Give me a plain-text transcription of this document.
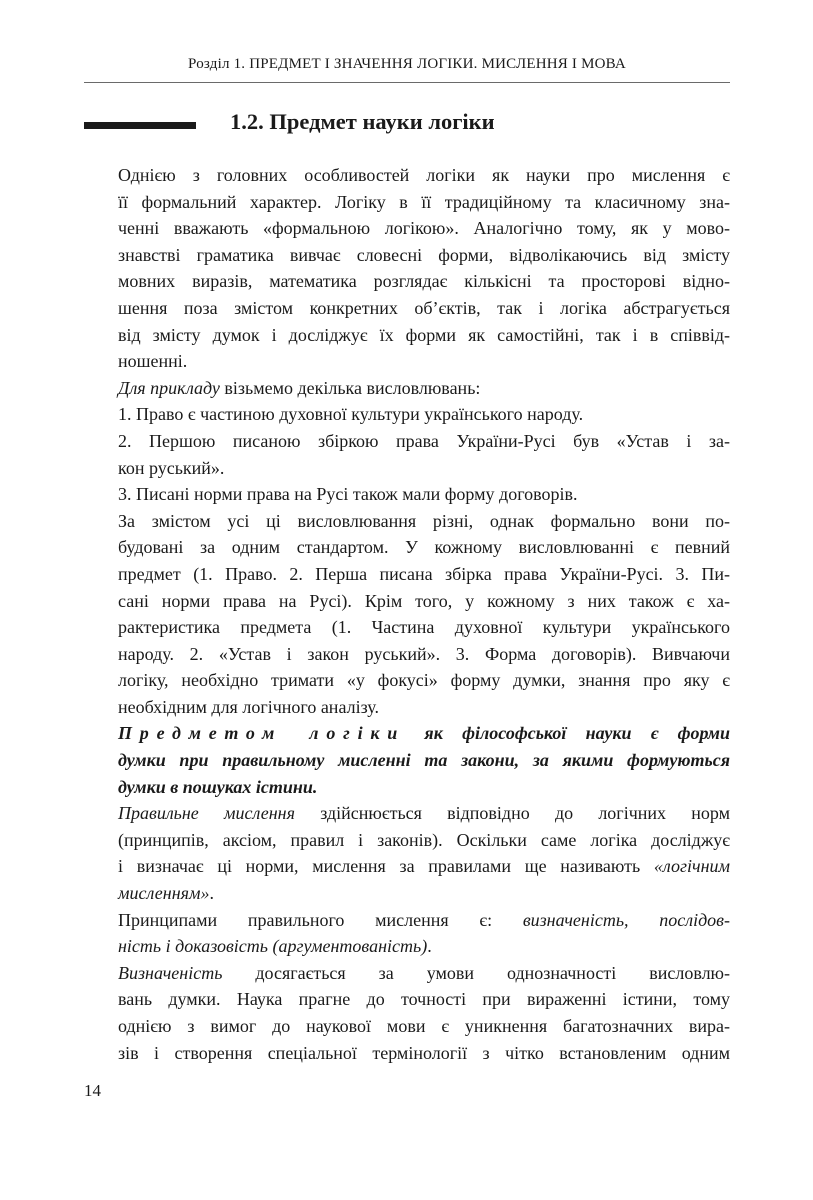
Розділ 1. ПРЕДМЕТ І ЗНАЧЕННЯ ЛОГІКИ. МИСЛЕННЯ І МОВА
1.2. Предмет науки логіки

Однією з головних особливостей логіки як науки про мислення є
її формальний характер. Логіку в її традиційному та класичному зна-
ченні вважають «формальною логікою». Аналогічно тому, як у мово-
знавстві граматика вивчає словесні форми, відволікаючись від змісту
мовних виразів, математика розглядає кількісні та просторові відно-
шення поза змістом конкретних об’єктів, так і логіка абстрагується
від змісту думок і досліджує їх форми як самостійні, так і в співвід-
ношенні.

Для прикладу візьмемо декілька висловлювань:

1. Право є частиною духовної культури українського народу.

2. Першою писаною збіркою права України-Русі був «Устав і за-
кон руський».

3. Писані норми права на Русі також мали форму договорів.

За змістом усі ці висловлювання різні, однак формально вони по-
будовані за одним стандартом. У кожному висловлюванні є певний
предмет (1. Право. 2. Перша писана збірка права України-Русі. 3. Пи-
сані норми права на Русі). Крім того, у кожному з них також є ха-
рактеристика предмета (1. Частина духовної культури українського
народу. 2. «Устав і закон руський». 3. Форма договорів). Вивчаючи
логіку, необхідно тримати «у фокусі» форму думки, знання про яку є
необхідним для логічного аналізу.

Предметом логіки як філософської науки є форми
думки при правильному мисленні та закони, за якими формуються
думки в пошуках істини.

Правильне мислення здійснюється відповідно до логічних норм
(принципів, аксіом, правил і законів). Оскільки саме логіка досліджує
і визначає ці норми, мислення за правилами ще називають «логічним
мисленням».

Принципами правильного мислення є: визначеність, послідов-
ність і доказовість (аргументованість).

Визначеність досягається за умови однозначності висловлю-
вань думки. Наука прагне до точності при вираженні істини, тому
однією з вимог до наукової мови є уникнення багатозначних вира-
зів і створення спеціальної термінології з чітко встановленим одним

14
